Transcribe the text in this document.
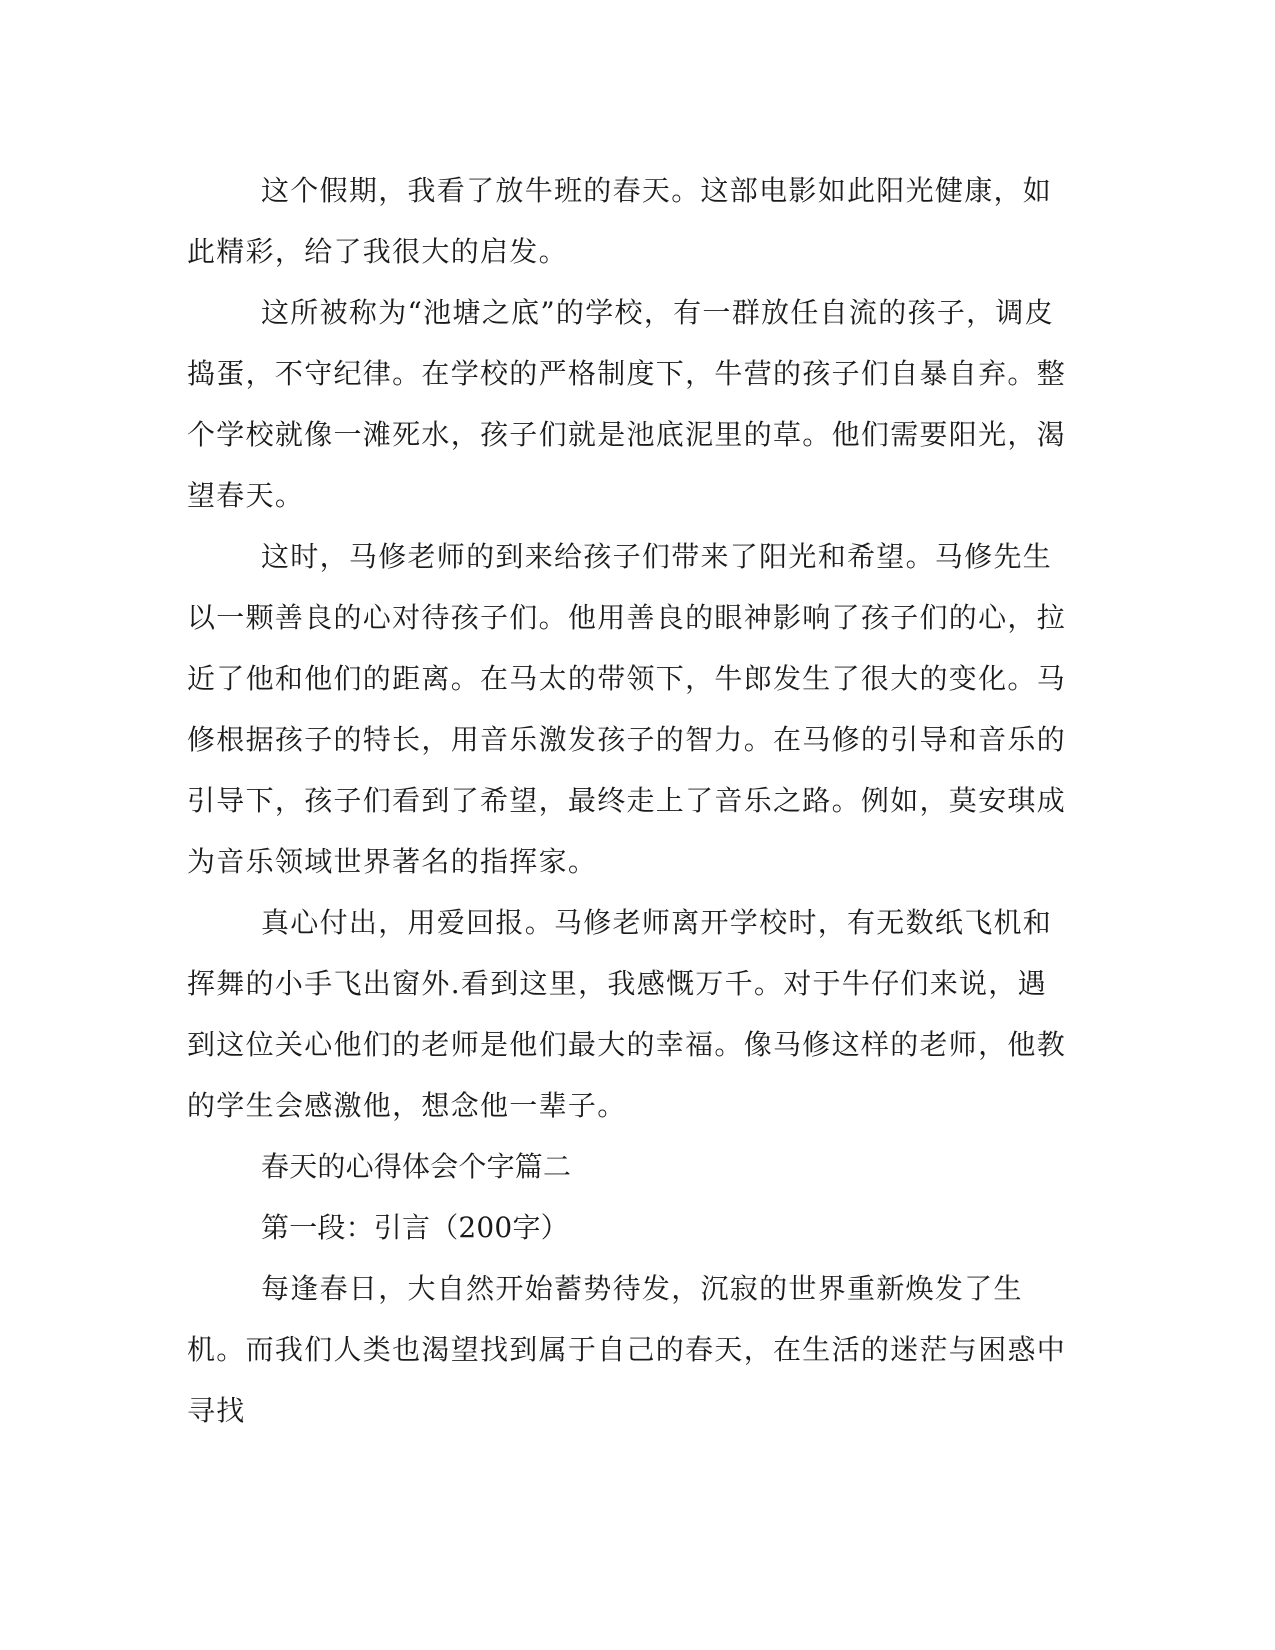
这个假期，我看了放牛班的春天。这部电影如此阳光健康，如此精彩，给了我很大的启发。

这所被称为“池塘之底”的学校，有一群放任自流的孩子，调皮捣蛋，不守纪律。在学校的严格制度下，牛营的孩子们自暴自弃。整个学校就像一滩死水，孩子们就是池底泥里的草。他们需要阳光，渴望春天。

这时，马修老师的到来给孩子们带来了阳光和希望。马修先生以一颗善良的心对待孩子们。他用善良的眼神影响了孩子们的心，拉近了他和他们的距离。在马太的带领下，牛郎发生了很大的变化。马修根据孩子的特长，用音乐激发孩子的智力。在马修的引导和音乐的引导下，孩子们看到了希望，最终走上了音乐之路。例如，莫安琪成为音乐领域世界著名的指挥家。

真心付出，用爱回报。马修老师离开学校时，有无数纸飞机和挥舞的小手飞出窗外.看到这里，我感慨万千。对于牛仔们来说，遇到这位关心他们的老师是他们最大的幸福。像马修这样的老师，他教的学生会感激他，想念他一辈子。

春天的心得体会个字篇二

第一段：引言（200字）

每逢春日，大自然开始蓄势待发，沉寂的世界重新焕发了生机。而我们人类也渴望找到属于自己的春天，在生活的迷茫与困惑中寻找
